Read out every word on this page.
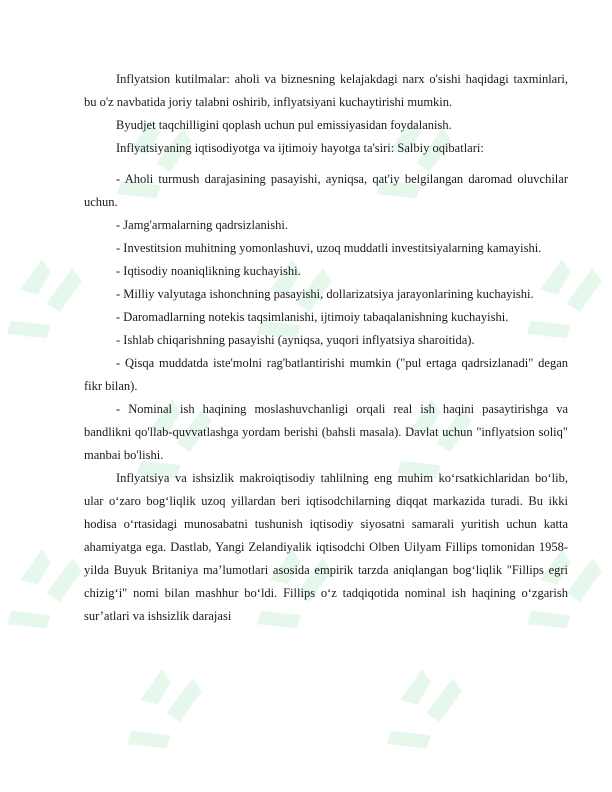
Inflyatsion kutilmalar: aholi va biznesning kelajakdagi narx o'sishi haqidagi taxminlari, bu o'z navbatida joriy talabni oshirib, inflyatsiyani kuchaytirishi mumkin.

Byudjet taqchilligini qoplash uchun pul emissiyasidan foydalanish.

Inflyatsiyaning iqtisodiyotga va ijtimoiy hayotga ta'siri: Salbiy oqibatlari:

- Aholi turmush darajasining pasayishi, ayniqsa, qat'iy belgilangan daromad oluvchilar uchun.

- Jamg'armalarning qadrsizlanishi.

- Investitsion muhitning yomonlashuvi, uzoq muddatli investitsiyalarning kamayishi.

- Iqtisodiy noaniqlikning kuchayishi.

- Milliy valyutaga ishonchning pasayishi, dollarizatsiya jarayonlarining kuchayishi.

- Daromadlarning notekis taqsimlanishi, ijtimoiy tabaqalanishning kuchayishi.

- Ishlab chiqarishning pasayishi (ayniqsa, yuqori inflyatsiya sharoitida).

- Qisqa muddatda iste'molni rag'batlantirishi mumkin ("pul ertaga qadrsizlanadi" degan fikr bilan).

- Nominal ish haqining moslashuvchanligi orqali real ish haqini pasaytirishga va bandlikni qo'llab-quvvatlashga yordam berishi (bahsli masala). Davlat uchun "inflyatsion soliq" manbai bo'lishi.

Inflyatsiya va ishsizlik makroiqtisodiy tahlilning eng muhim ko‘rsatkichlaridan bo‘lib, ular o‘zaro bog‘liqlik uzoq yillardan beri iqtisodchilarning diqqat markazida turadi. Bu ikki hodisa o‘rtasidagi munosabatni tushunish iqtisodiy siyosatni samarali yuritish uchun katta ahamiyatga ega. Dastlab, Yangi Zelandiyalik iqtisodchi Olben Uilyam Fillips tomonidan 1958-yilda Buyuk Britaniya ma’lumotlari asosida empirik tarzda aniqlangan bog‘liqlik "Fillips egri chizig‘i" nomi bilan mashhur bo‘ldi. Fillips o‘z tadqiqotida nominal ish haqining o‘zgarish sur’atlari va ishsizlik darajasi
